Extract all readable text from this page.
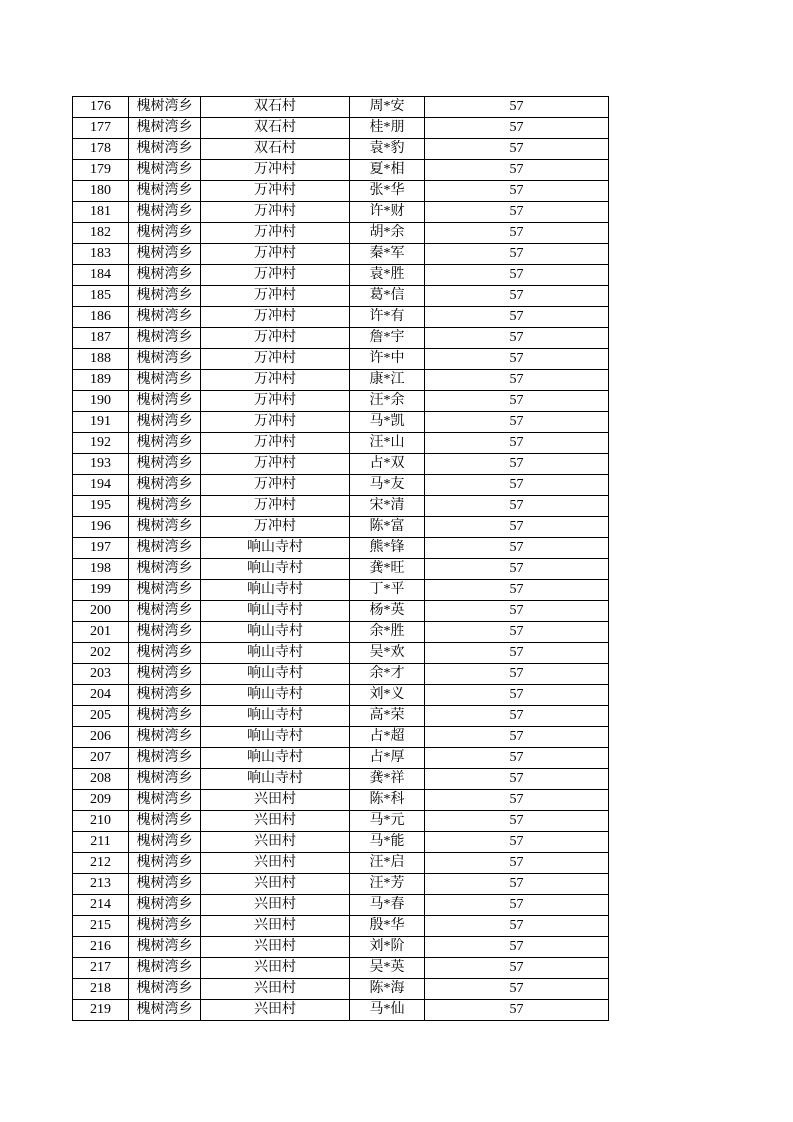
176	槐树湾乡	双石村	周*安	57
177	槐树湾乡	双石村	桂*朋	57
178	槐树湾乡	双石村	袁*豹	57
179	槐树湾乡	万冲村	夏*相	57
180	槐树湾乡	万冲村	张*华	57
181	槐树湾乡	万冲村	许*财	57
182	槐树湾乡	万冲村	胡*余	57
183	槐树湾乡	万冲村	秦*军	57
184	槐树湾乡	万冲村	袁*胜	57
185	槐树湾乡	万冲村	葛*信	57
186	槐树湾乡	万冲村	许*有	57
187	槐树湾乡	万冲村	詹*宇	57
188	槐树湾乡	万冲村	许*中	57
189	槐树湾乡	万冲村	康*江	57
190	槐树湾乡	万冲村	汪*余	57
191	槐树湾乡	万冲村	马*凯	57
192	槐树湾乡	万冲村	汪*山	57
193	槐树湾乡	万冲村	占*双	57
194	槐树湾乡	万冲村	马*友	57
195	槐树湾乡	万冲村	宋*清	57
196	槐树湾乡	万冲村	陈*富	57
197	槐树湾乡	响山寺村	熊*锋	57
198	槐树湾乡	响山寺村	龚*旺	57
199	槐树湾乡	响山寺村	丁*平	57
200	槐树湾乡	响山寺村	杨*英	57
201	槐树湾乡	响山寺村	余*胜	57
202	槐树湾乡	响山寺村	吴*欢	57
203	槐树湾乡	响山寺村	余*才	57
204	槐树湾乡	响山寺村	刘*义	57
205	槐树湾乡	响山寺村	高*荣	57
206	槐树湾乡	响山寺村	占*超	57
207	槐树湾乡	响山寺村	占*厚	57
208	槐树湾乡	响山寺村	龚*祥	57
209	槐树湾乡	兴田村	陈*科	57
210	槐树湾乡	兴田村	马*元	57
211	槐树湾乡	兴田村	马*能	57
212	槐树湾乡	兴田村	汪*启	57
213	槐树湾乡	兴田村	汪*芳	57
214	槐树湾乡	兴田村	马*春	57
215	槐树湾乡	兴田村	殷*华	57
216	槐树湾乡	兴田村	刘*阶	57
217	槐树湾乡	兴田村	吴*英	57
218	槐树湾乡	兴田村	陈*海	57
219	槐树湾乡	兴田村	马*仙	57
